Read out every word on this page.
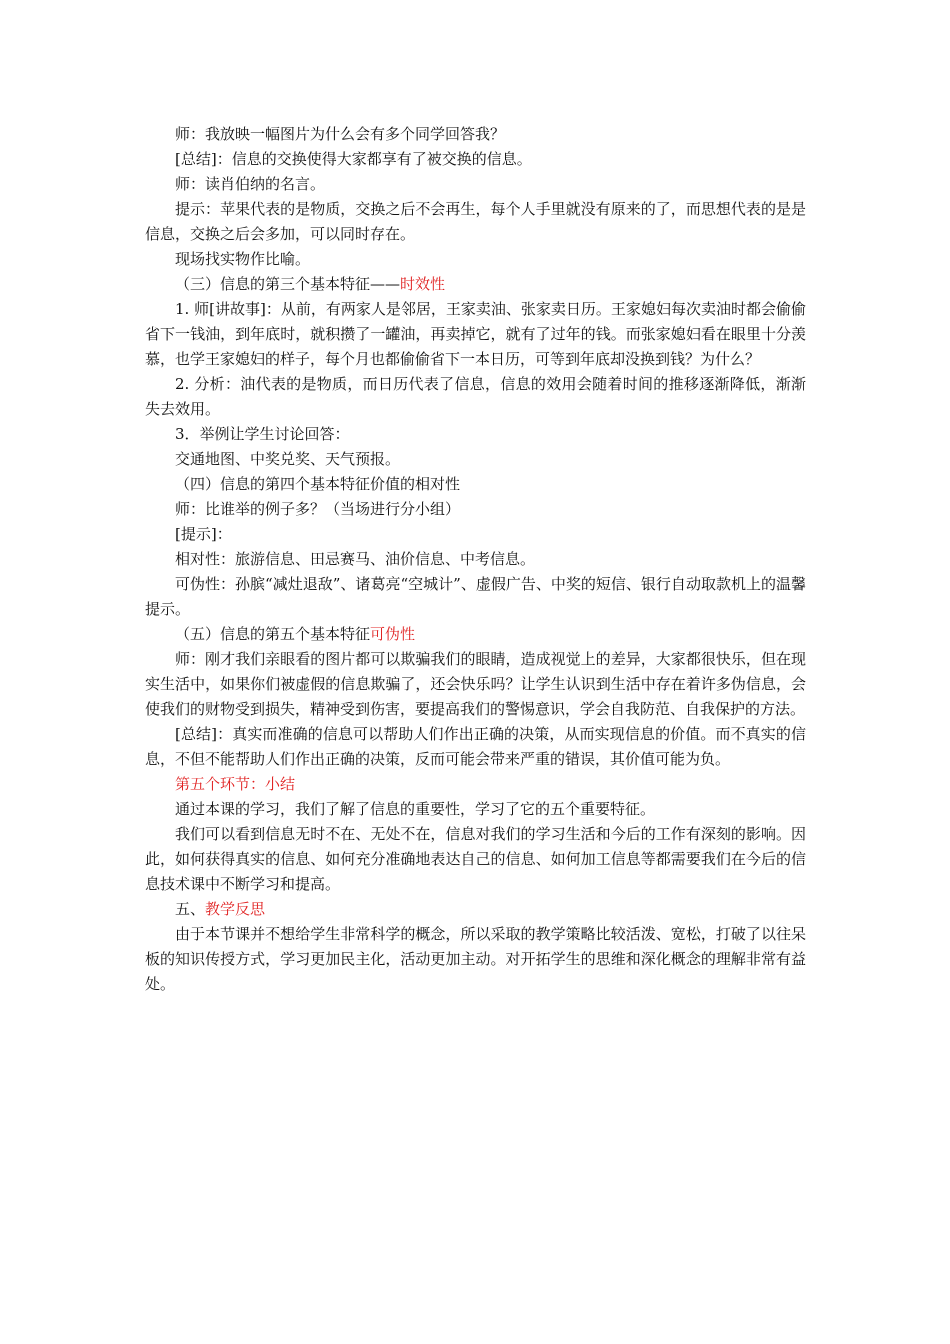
师：我放映一幅图片为什么会有多个同学回答我？

[总结]：信息的交换使得大家都享有了被交换的信息。

师：读肖伯纳的名言。

提示：苹果代表的是物质，交换之后不会再生，每个人手里就没有原来的了，而思想代表的是是信息，交换之后会多加，可以同时存在。

现场找实物作比喻。

（三）信息的第三个基本特征——时效性

1. 师[讲故事]：从前，有两家人是邻居，王家卖油、张家卖日历。王家媳妇每次卖油时都会偷偷省下一钱油，到年底时，就积攒了一罐油，再卖掉它，就有了过年的钱。而张家媳妇看在眼里十分羡慕，也学王家媳妇的样子，每个月也都偷偷省下一本日历，可等到年底却没换到钱？为什么？

2. 分析：油代表的是物质，而日历代表了信息，信息的效用会随着时间的推移逐渐降低，渐渐失去效用。

3．举例让学生讨论回答：

交通地图、中奖兑奖、天气预报。

（四）信息的第四个基本特征价值的相对性

师：比谁举的例子多？（当场进行分小组）

[提示]：

相对性：旅游信息、田忌赛马、油价信息、中考信息。

可伪性：孙膑“减灶退敌”、诸葛亮“空城计”、虚假广告、中奖的短信、银行自动取款机上的温馨提示。

（五）信息的第五个基本特征可伪性

师：刚才我们亲眼看的图片都可以欺骗我们的眼睛，造成视觉上的差异，大家都很快乐，但在现实生活中，如果你们被虚假的信息欺骗了，还会快乐吗？让学生认识到生活中存在着许多伪信息，会使我们的财物受到损失，精神受到伤害，要提高我们的警惕意识，学会自我防范、自我保护的方法。

[总结]：真实而准确的信息可以帮助人们作出正确的决策，从而实现信息的价值。而不真实的信息，不但不能帮助人们作出正确的决策，反而可能会带来严重的错误，其价值可能为负。

第五个环节：小结

通过本课的学习，我们了解了信息的重要性，学习了它的五个重要特征。

我们可以看到信息无时不在、无处不在，信息对我们的学习生活和今后的工作有深刻的影响。因此，如何获得真实的信息、如何充分准确地表达自己的信息、如何加工信息等都需要我们在今后的信息技术课中不断学习和提高。

五、教学反思

由于本节课并不想给学生非常科学的概念，所以采取的教学策略比较活泼、宽松，打破了以往呆板的知识传授方式，学习更加民主化，活动更加主动。对开拓学生的思维和深化概念的理解非常有益处。
